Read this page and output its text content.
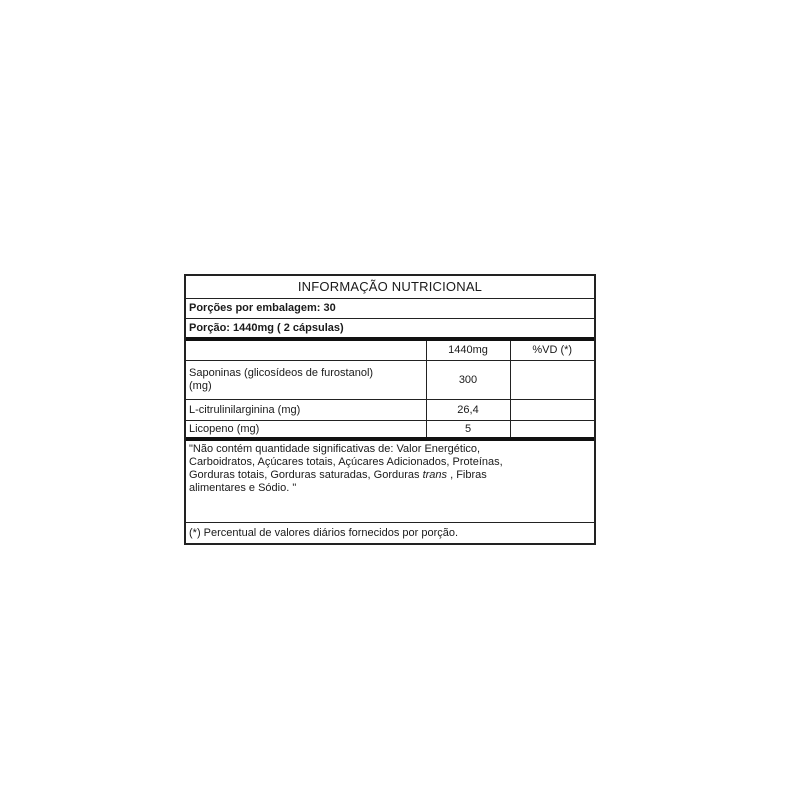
INFORMAÇÃO NUTRICIONAL
Porções por embalagem: 30
Porção: 1440mg ( 2 cápsulas)
	1440mg	%VD (*)

Saponinas (glicosídeos de furostanol)
(mg)	300	
L-citrulinilarginina (mg)	26,4	
Licopeno (mg)	5	
"Não contém quantidade significativas de: Valor Energético,
Carboidratos, Açúcares totais, Açúcares Adicionados, Proteínas,
Gorduras totais, Gorduras saturadas, Gorduras trans , Fibras
alimentares e Sódio. "
(*) Percentual de valores diários fornecidos por porção.
